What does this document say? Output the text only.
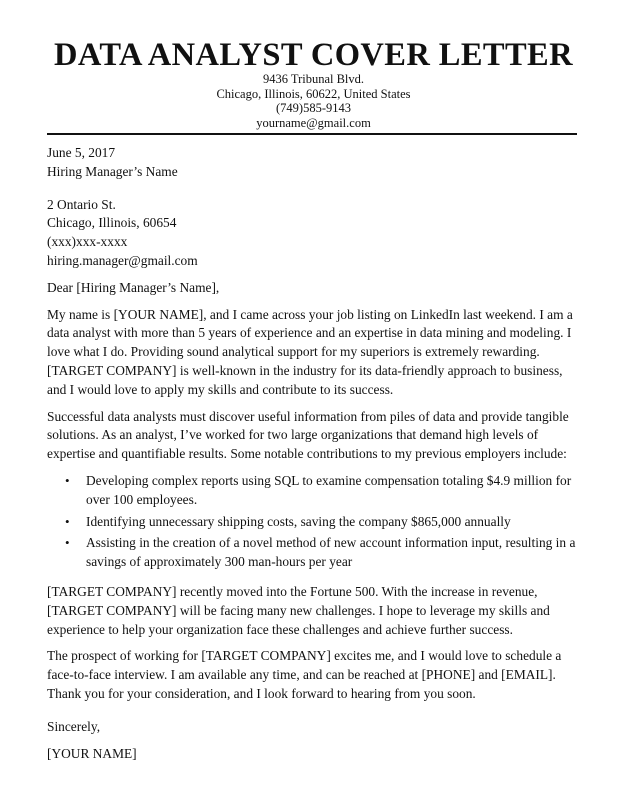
DATA ANALYST COVER LETTER
9436 Tribunal Blvd.
Chicago, Illinois, 60622, United States
(749)585-9143
yourname@gmail.com

June 5, 2017

Hiring Manager’s Name

2 Ontario St.

Chicago, Illinois, 60654

(xxx)xxx-xxxx

hiring.manager@gmail.com

Dear [Hiring Manager’s Name],

My name is [YOUR NAME], and I came across your job listing on LinkedIn last weekend. I am a data analyst with more than 5 years of experience and an expertise in data mining and modeling. I love what I do. Providing sound analytical support for my superiors is extremely rewarding. [TARGET COMPANY] is well-known in the industry for its data-friendly approach to business, and I would love to apply my skills and contribute to its success.

Successful data analysts must discover useful information from piles of data and provide tangible solutions. As an analyst, I’ve worked for two large organizations that demand high levels of expertise and quantifiable results. Some notable contributions to my previous employers include:

• Developing complex reports using SQL to examine compensation totaling $4.9 million for over 100 employees.
• Identifying unnecessary shipping costs, saving the company $865,000 annually
• Assisting in the creation of a novel method of new account information input, resulting in a savings of approximately 300 man-hours per year

[TARGET COMPANY] recently moved into the Fortune 500. With the increase in revenue, [TARGET COMPANY] will be facing many new challenges. I hope to leverage my skills and experience to help your organization face these challenges and achieve further success.

The prospect of working for [TARGET COMPANY] excites me, and I would love to schedule a face-to-face interview. I am available any time, and can be reached at [PHONE] and [EMAIL]. Thank you for your consideration, and I look forward to hearing from you soon.

Sincerely,

[YOUR NAME]
